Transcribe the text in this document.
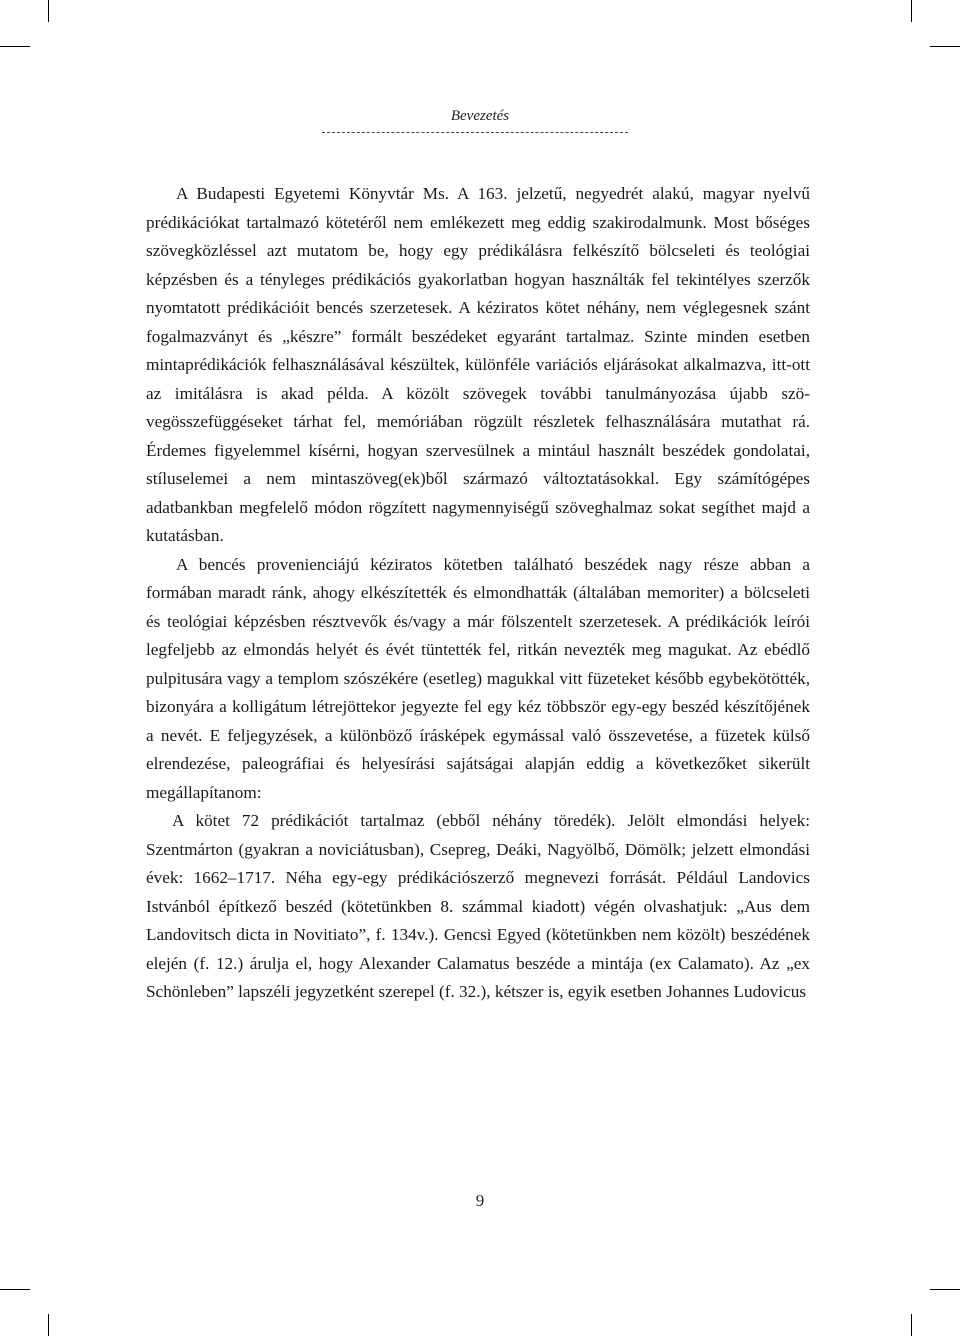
Bevezetés

A Budapesti Egyetemi Könyvtár Ms. A 163. jelzetű, negyedrét alakú, magyar nyelvű prédikációkat tartalmazó kötetéről nem emlékezett meg eddig szakirodalmunk. Most bőséges szövegközléssel azt mutatom be, hogy egy prédikálásra felkészítő bölcseleti és teológiai képzésben és a tényleges prédikációs gyakorlatban hogyan használták fel tekintélyes szerzők nyomtatott prédikációit bencés szerzetesek. A kéziratos kötet néhány, nem véglegesnek szánt fogalmazványt és „készre” formált beszédeket egyaránt tartalmaz. Szinte minden esetben mintaprédikációk felhasználásával készültek, különféle variációs eljárásokat alkalmazva, itt-ott az imitálásra is akad példa. A közölt szövegek további tanulmányozása újabb szövegösszefüggéseket tárhat fel, memóriában rögzült részletek felhasználására mutathat rá. Érdemes figyelemmel kísérni, hogyan szervesülnek a mintául használt beszédek gondolatai, stíluselemei a nem mintaszöveg(ek)ből származó változtatásokkal. Egy számítógépes adatbankban megfelelő módon rögzített nagymennyiségű szöveghalmaz sokat segíthet majd a kutatásban.

A bencés provenienciájú kéziratos kötetben található beszédek nagy része abban a formában maradt ránk, ahogy elkészítették és elmondhatták (általában memoriter) a bölcseleti és teológiai képzésben résztvevők és/vagy a már fölszentelt szerzetesek. A prédikációk leírói legfeljebb az elmondás helyét és évét tüntették fel, ritkán nevezték meg magukat. Az ebédlő pulpitusára vagy a templom szószékére (esetleg) magukkal vitt füzeteket később egybekötötték, bizonyára a kolligátum létrejöttekor jegyezte fel egy kéz többször egy-egy beszéd készítőjének a nevét. E feljegyzések, a különböző írásképek egymással való összevetése, a füzetek külső elrendezése, paleográfiai és helyesírási sajátságai alapján eddig a következőket sikerült megállapítanom:

A kötet 72 prédikációt tartalmaz (ebből néhány töredék). Jelölt elmondási helyek: Szentmárton (gyakran a noviciátusban), Csepreg, Deáki, Nagyölbő, Dömölk; jelzett elmondási évek: 1662–1717. Néha egy-egy prédikációszerző megnevezi forrását. Például Landovics Istvánból építkező beszéd (kötetünkben 8. számmal kiadott) végén olvashatjuk: „Aus dem Landovitsch dicta in Novitiato”, f. 134v.). Gencsi Egyed (kötetünkben nem közölt) beszédének elején (f. 12.) árulja el, hogy Alexander Calamatus beszéde a mintája (ex Calamato). Az „ex Schönleben” lapszéli jegyzetként szerepel (f. 32.), kétszer is, egyik esetben Johannes Ludovicus

9
